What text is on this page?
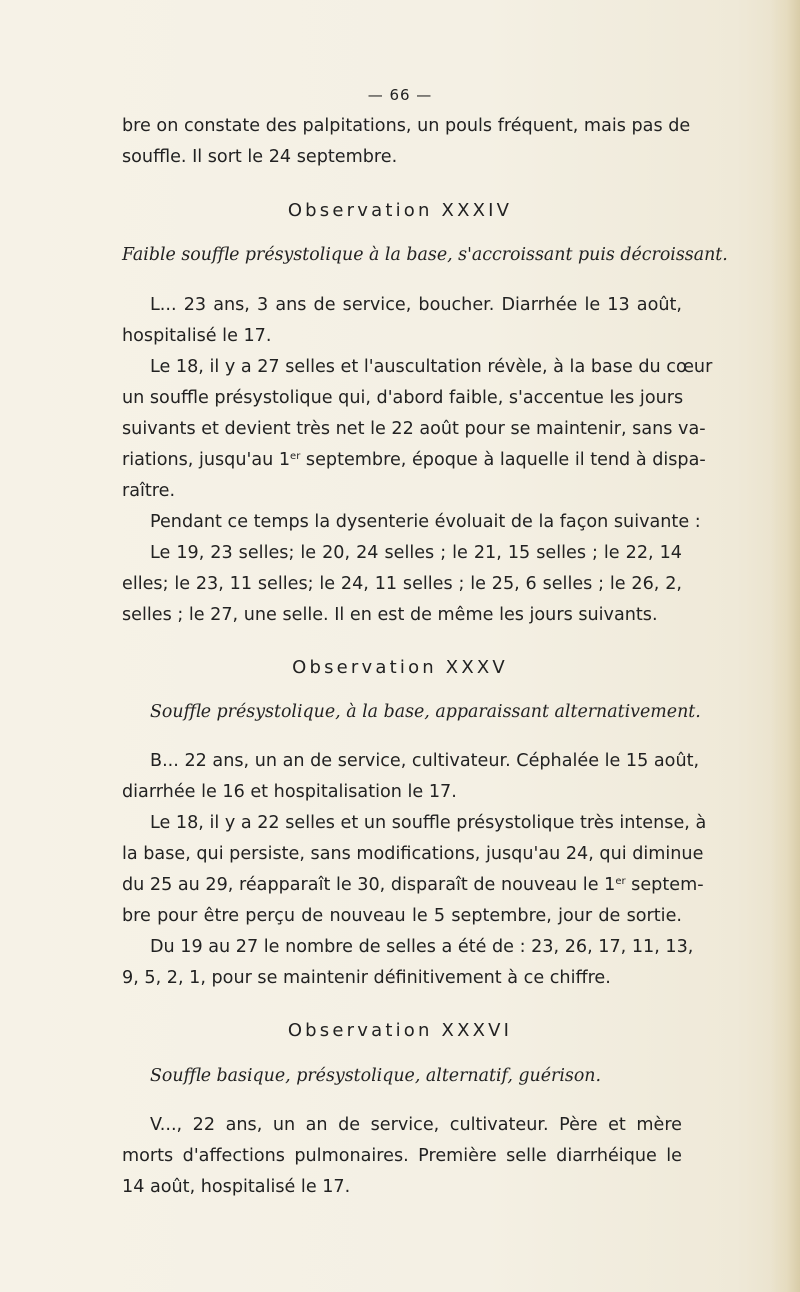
— 66 —
bre on constate des palpitations, un pouls fréquent, mais pas de
souffle. Il sort le 24 septembre.
Observation XXXIV
Faible souffle présystolique à la base, s'accroissant puis décroissant.
L... 23 ans, 3 ans de service, boucher. Diarrhée le 13 août,
hospitalisé le 17.
Le 18, il y a 27 selles et l'auscultation révèle, à la base du cœur
un souffle présystolique qui, d'abord faible, s'accentue les jours
suivants et devient très net le 22 août pour se maintenir, sans va-
riations, jusqu'au 1er septembre, époque à laquelle il tend à dispa-
raître.
Pendant ce temps la dysenterie évoluait de la façon suivante :
Le 19, 23 selles; le 20, 24 selles ; le 21, 15 selles ; le 22, 14
elles; le 23, 11 selles; le 24, 11 selles ; le 25, 6 selles ; le 26, 2,
selles ; le 27, une selle. Il en est de même les jours suivants.
Observation XXXV
Souffle présystolique, à la base, apparaissant alternativement.
B... 22 ans, un an de service, cultivateur. Céphalée le 15 août,
diarrhée le 16 et hospitalisation le 17.
Le 18, il y a 22 selles et un souffle présystolique très intense, à
la base, qui persiste, sans modifications, jusqu'au 24, qui diminue
du 25 au 29, réapparaît le 30, disparaît de nouveau le 1er septem-
bre pour être perçu de nouveau le 5 septembre, jour de sortie.
Du 19 au 27 le nombre de selles a été de : 23, 26, 17, 11, 13,
9, 5, 2, 1, pour se maintenir définitivement à ce chiffre.
Observation XXXVI
Souffle basique, présystolique, alternatif, guérison.
V..., 22 ans, un an de service, cultivateur. Père et mère
morts d'affections pulmonaires. Première selle diarrhéique le
14 août, hospitalisé le 17.
